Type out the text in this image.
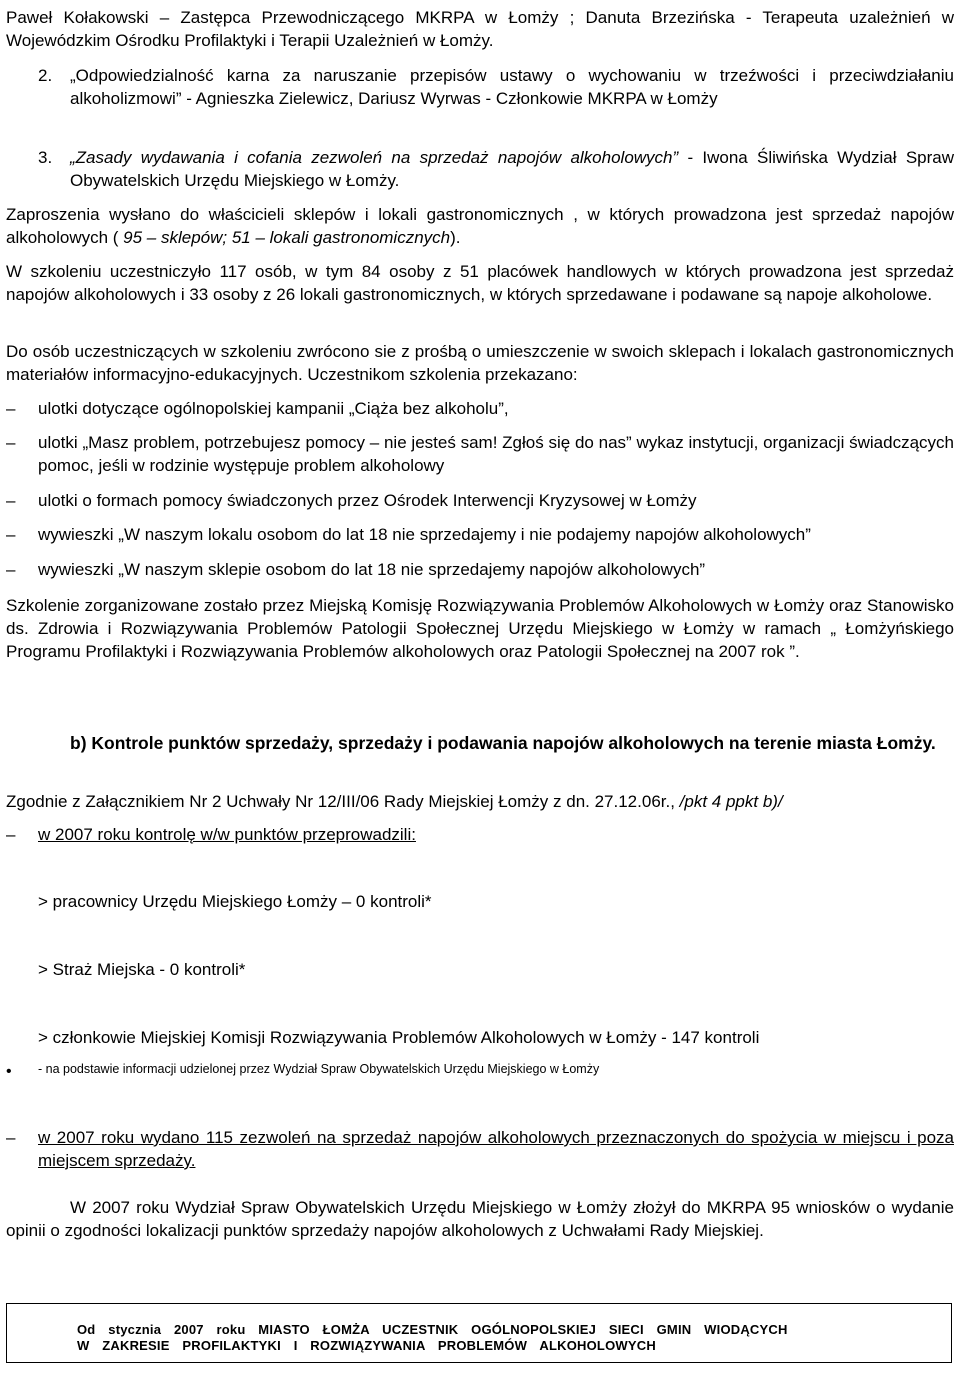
Paweł Kołakowski – Zastępca Przewodniczącego MKRPA w Łomży ; Danuta Brzezińska - Terapeuta uzależnień w Wojewódzkim Ośrodku Profilaktyki i Terapii Uzależnień w Łomży.

2. „Odpowiedzialność karna za naruszanie przepisów ustawy o wychowaniu w trzeźwości i przeciwdziałaniu alkoholizmowi” - Agnieszka Zielewicz, Dariusz Wyrwas - Członkowie MKRPA w Łomży
3. „Zasady wydawania i cofania zezwoleń na sprzedaż napojów alkoholowych” - Iwona Śliwińska Wydział Spraw Obywatelskich Urzędu Miejskiego w Łomży.

Zaproszenia wysłano do właścicieli sklepów i lokali gastronomicznych , w których prowadzona jest sprzedaż napojów alkoholowych ( 95 – sklepów; 51 – lokali gastronomicznych).

W szkoleniu uczestniczyło 117 osób, w tym 84 osoby z 51 placówek handlowych w których prowadzona jest sprzedaż napojów alkoholowych i 33 osoby z 26 lokali gastronomicznych, w których sprzedawane i podawane są napoje alkoholowe.

Do osób uczestniczących w szkoleniu zwrócono sie z prośbą o umieszczenie w swoich sklepach i lokalach gastronomicznych materiałów informacyjno-edukacyjnych. Uczestnikom szkolenia przekazano:

– ulotki dotyczące ogólnopolskiej kampanii „Ciąża bez alkoholu”,
– ulotki „Masz problem, potrzebujesz pomocy – nie jesteś sam! Zgłoś się do nas” wykaz instytucji, organizacji świadczących pomoc, jeśli w rodzinie występuje problem alkoholowy
– ulotki o formach pomocy świadczonych przez Ośrodek Interwencji Kryzysowej w Łomży
– wywieszki „W naszym lokalu osobom do lat 18 nie sprzedajemy i nie podajemy napojów alkoholowych”
– wywieszki „W naszym sklepie osobom do lat 18 nie sprzedajemy napojów alkoholowych”

Szkolenie zorganizowane zostało przez Miejską Komisję Rozwiązywania Problemów Alkoholowych w Łomży oraz Stanowisko ds. Zdrowia i Rozwiązywania Problemów Patologii Społecznej Urzędu Miejskiego w Łomży w ramach „ Łomżyńskiego Programu Profilaktyki i Rozwiązywania Problemów alkoholowych oraz Patologii Społecznej na 2007 rok ”.

b) Kontrole punktów sprzedaży, sprzedaży i podawania napojów alkoholowych na terenie miasta Łomży.

Zgodnie z Załącznikiem Nr 2 Uchwały Nr 12/III/06 Rady Miejskiej Łomży z dn. 27.12.06r., /pkt 4 ppkt b)/

– w 2007 roku kontrolę w/w punktów przeprowadzili:

> pracownicy Urzędu Miejskiego Łomży – 0 kontroli*

> Straż Miejska - 0 kontroli*

> członkowie Miejskiej Komisji Rozwiązywania Problemów Alkoholowych w Łomży - 147 kontroli

• - na podstawie informacji udzielonej przez Wydział Spraw Obywatelskich Urzędu Miejskiego w Łomży

– w 2007 roku wydano 115 zezwoleń na sprzedaż napojów alkoholowych przeznaczonych do spożycia w miejscu i poza miejscem sprzedaży.

W 2007 roku Wydział Spraw Obywatelskich Urzędu Miejskiego w Łomży złożył do MKRPA 95 wniosków o wydanie opinii o zgodności lokalizacji punktów sprzedaży napojów alkoholowych z Uchwałami Rady Miejskiej.

Od stycznia 2007 roku MIASTO ŁOMŻA UCZESTNIK OGÓLNOPOLSKIEJ SIECI GMIN WIODĄCYCH
W ZAKRESIE PROFILAKTYKI I ROZWIĄZYWANIA PROBLEMÓW ALKOHOLOWYCH
